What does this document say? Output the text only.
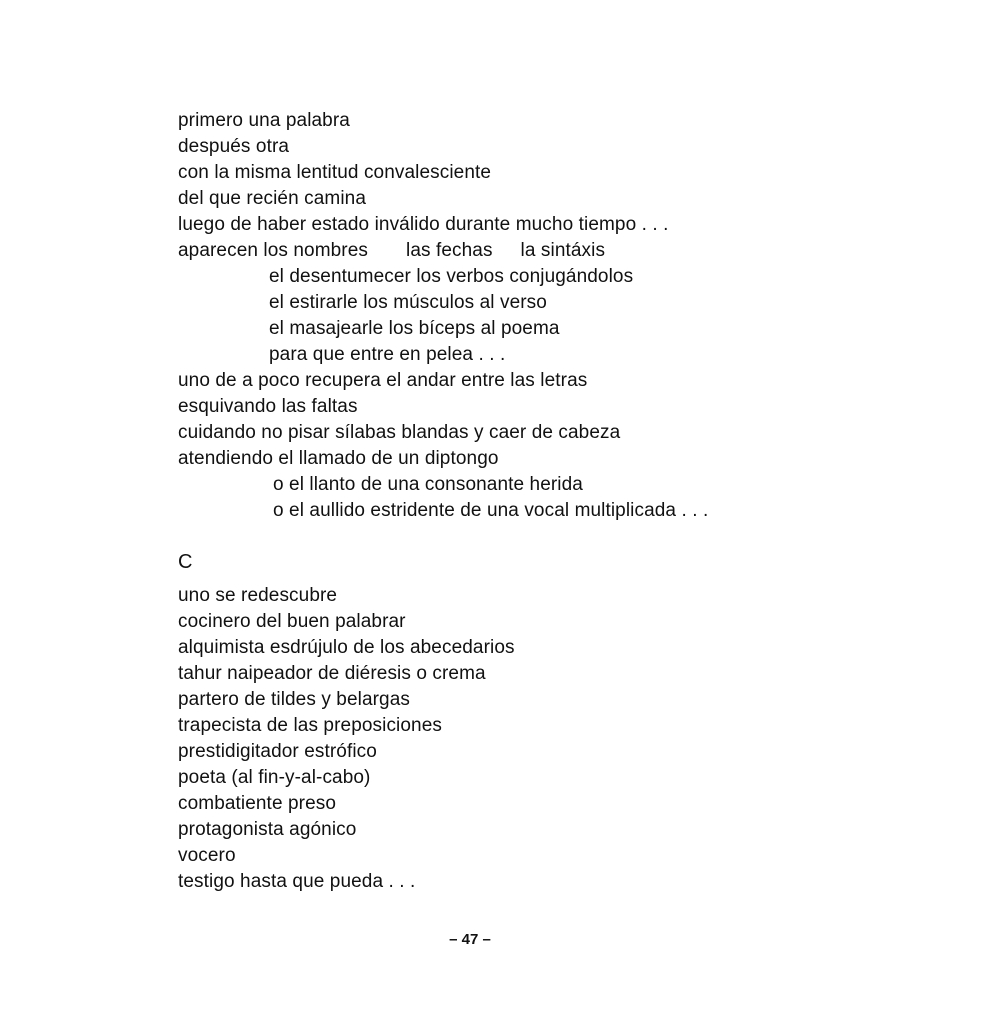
primero una palabra
después otra
con la misma lentitud convalesciente
del que recién camina
luego de haber estado inválido durante mucho tiempo . . .
aparecen los nombres las fechas la sintáxis
el desentumecer los verbos conjugándolos
el estirarle los músculos al verso
el masajearle los bíceps al poema
para que entre en pelea . . .
uno de a poco recupera el andar entre las letras
esquivando las faltas
cuidando no pisar sílabas blandas y caer de cabeza
atendiendo el llamado de un diptongo
o el llanto de una consonante herida
o el aullido estridente de una vocal multiplicada . . .
C
uno se redescubre
cocinero del buen palabrar
alquimista esdrújulo de los abecedarios
tahur naipeador de diéresis o crema
partero de tildes y belargas
trapecista de las preposiciones
prestidigitador estrófico
poeta (al fin-y-al-cabo)
combatiente preso
protagonista agónico
vocero
testigo hasta que pueda . . .
– 47 –
